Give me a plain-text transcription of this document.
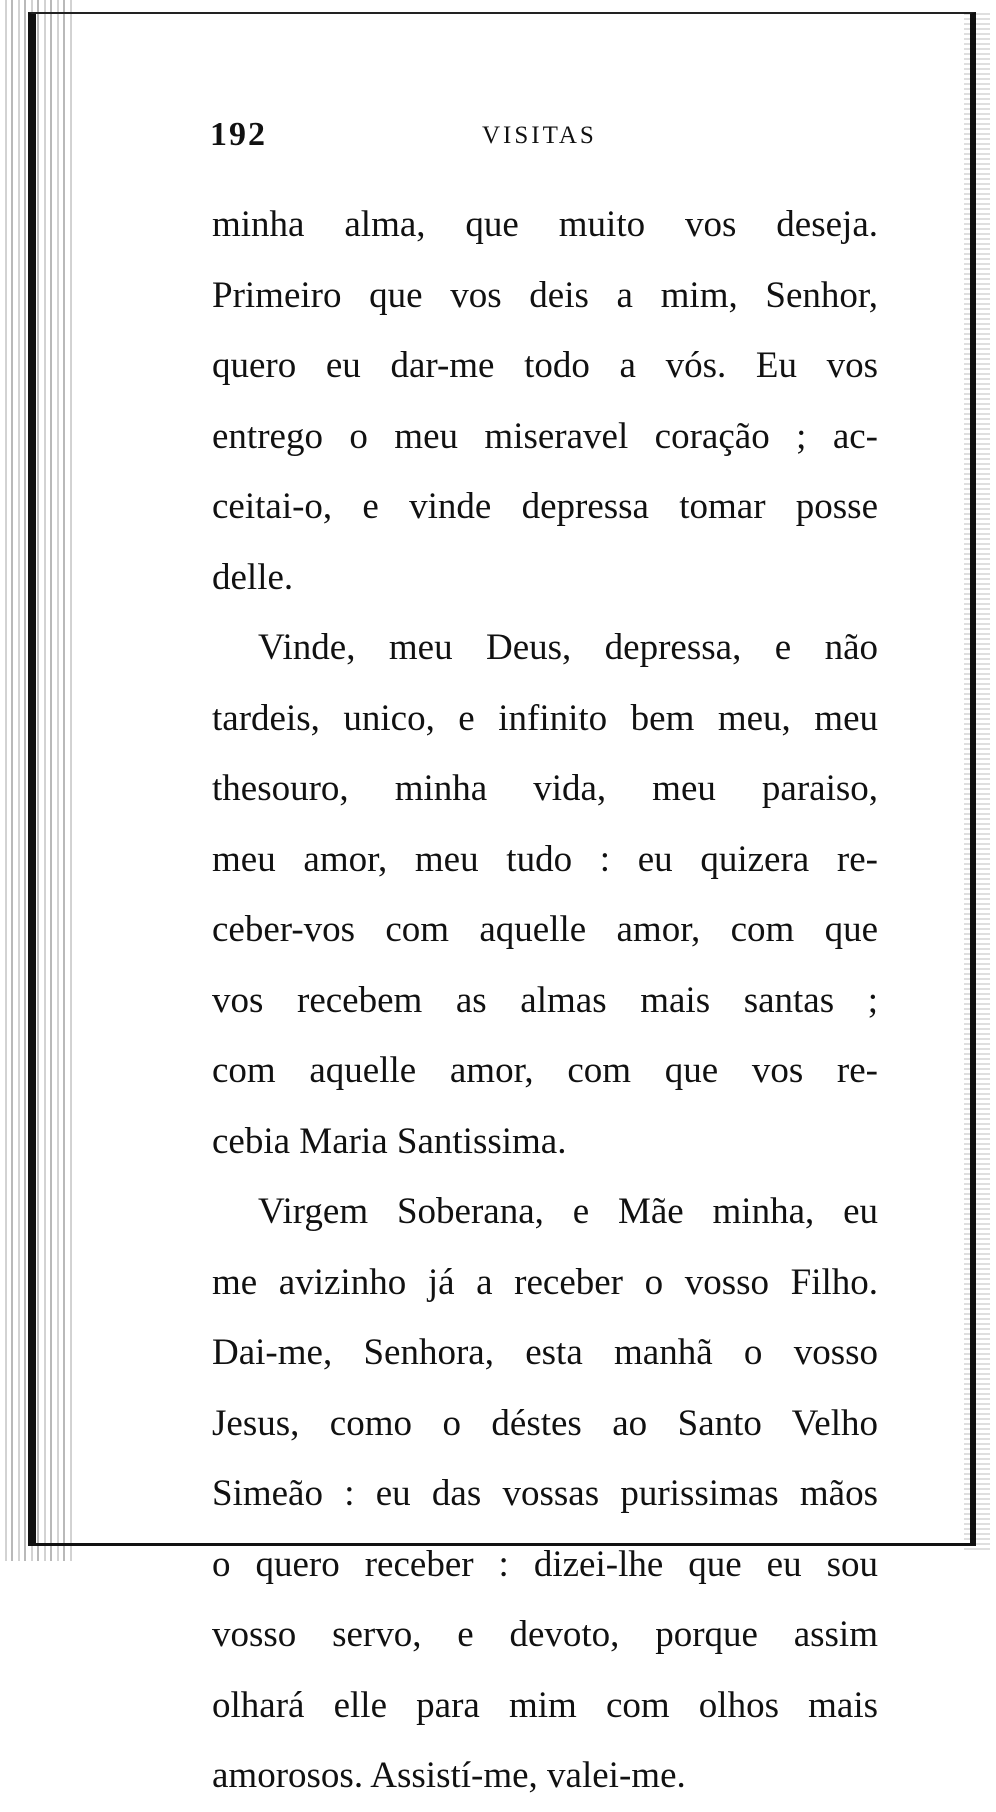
192	VISITAS
minha alma, que muito vos deseja.
Primeiro que vos deis a mim, Senhor,
quero eu dar-me todo a vós. Eu vos
entrego o meu miseravel coração ; ac-
ceitai-o, e vinde depressa tomar posse
delle.
Vinde, meu Deus, depressa, e não
tardeis, unico, e infinito bem meu, meu
thesouro, minha vida, meu paraiso,
meu amor, meu tudo : eu quizera re-
ceber-vos com aquelle amor, com que
vos recebem as almas mais santas ;
com aquelle amor, com que vos re-
cebia Maria Santissima.
Virgem Soberana, e Mãe minha, eu
me avizinho já a receber o vosso Filho.
Dai-me, Senhora, esta manhã o vosso
Jesus, como o déstes ao Santo Velho
Simeão : eu das vossas purissimas mãos
o quero receber : dizei-lhe que eu sou
vosso servo, e devoto, porque assim
olhará elle para mim com olhos mais
amorosos. Assistí-me, valei-me.
